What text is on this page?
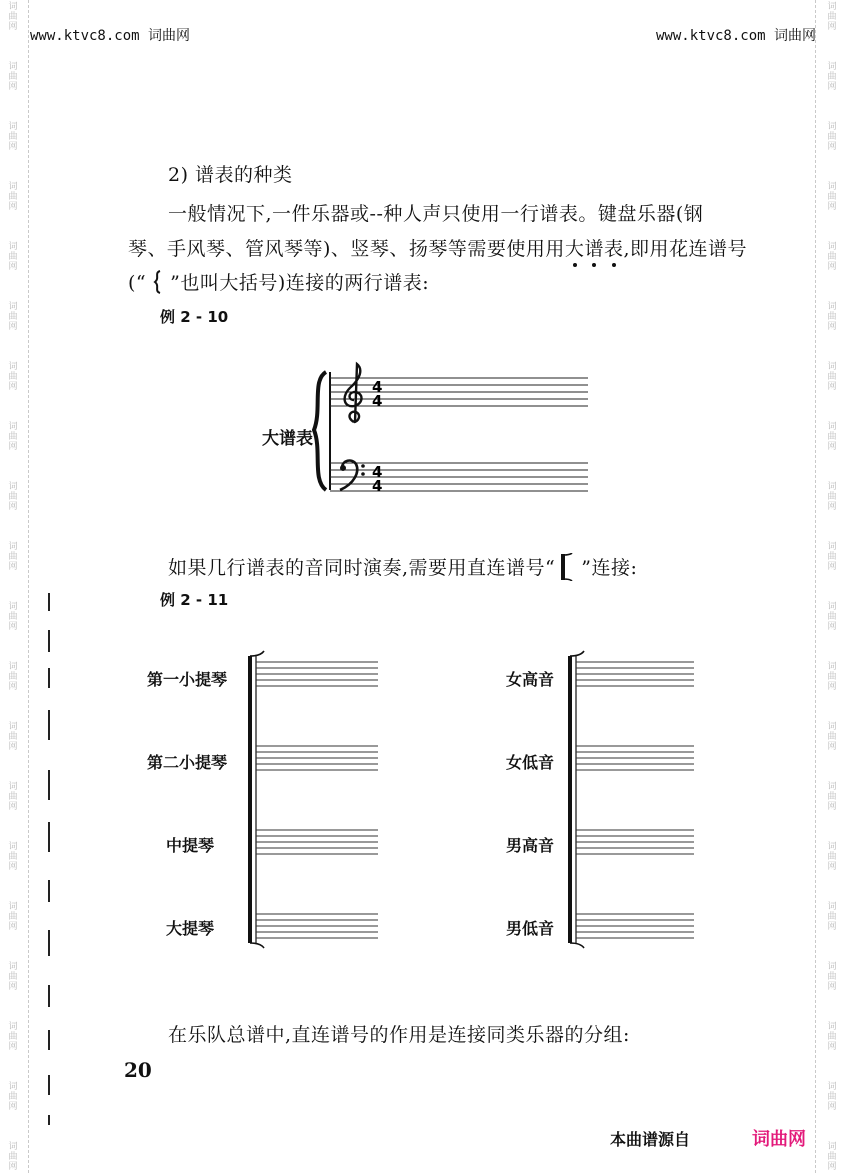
词
曲
网
词
曲
网
词
曲
网
词
曲
网
词
曲
网
词
曲
网
词
曲
网
词
曲
网
词
曲
网
词
曲
网
词
曲
网
词
曲
网
词
曲
网
词
曲
网
词
曲
网
词
曲
网
词
曲
网
词
曲
网
词
曲
网
词
曲
网
词
曲
网
词
曲
网
词
曲
网
词
曲
网
词
曲
网
词
曲
网
词
曲
网
词
曲
网
词
曲
网
词
曲
网
词
曲
网
词
曲
网
词
曲
网
词
曲
网
词
曲
网
词
曲
网
词
曲
网
词
曲
网
词
曲
网
词
曲
网
www.ktvc8.com 词曲网	www.ktvc8.com 词曲网
2) 谱表的种类
一般情况下,一件乐器或--种人声只使用一行谱表。键盘乐器(钢
琴、手风琴、管风琴等)、竖琴、扬琴等需要使用用大谱表,即用花连谱号
(“ ”也叫大括号)连接的两行谱表:
例 2 - 10
大谱表
4
4
4
4
如果几行谱表的音同时演奏,需要用直连谱号“ ”连接:
例 2 - 11
第一小提琴
第二小提琴
中提琴
大提琴
女高音
女低音
男高音
男低音
在乐队总谱中,直连谱号的作用是连接同类乐器的分组:
20
本曲谱源自	词曲网
